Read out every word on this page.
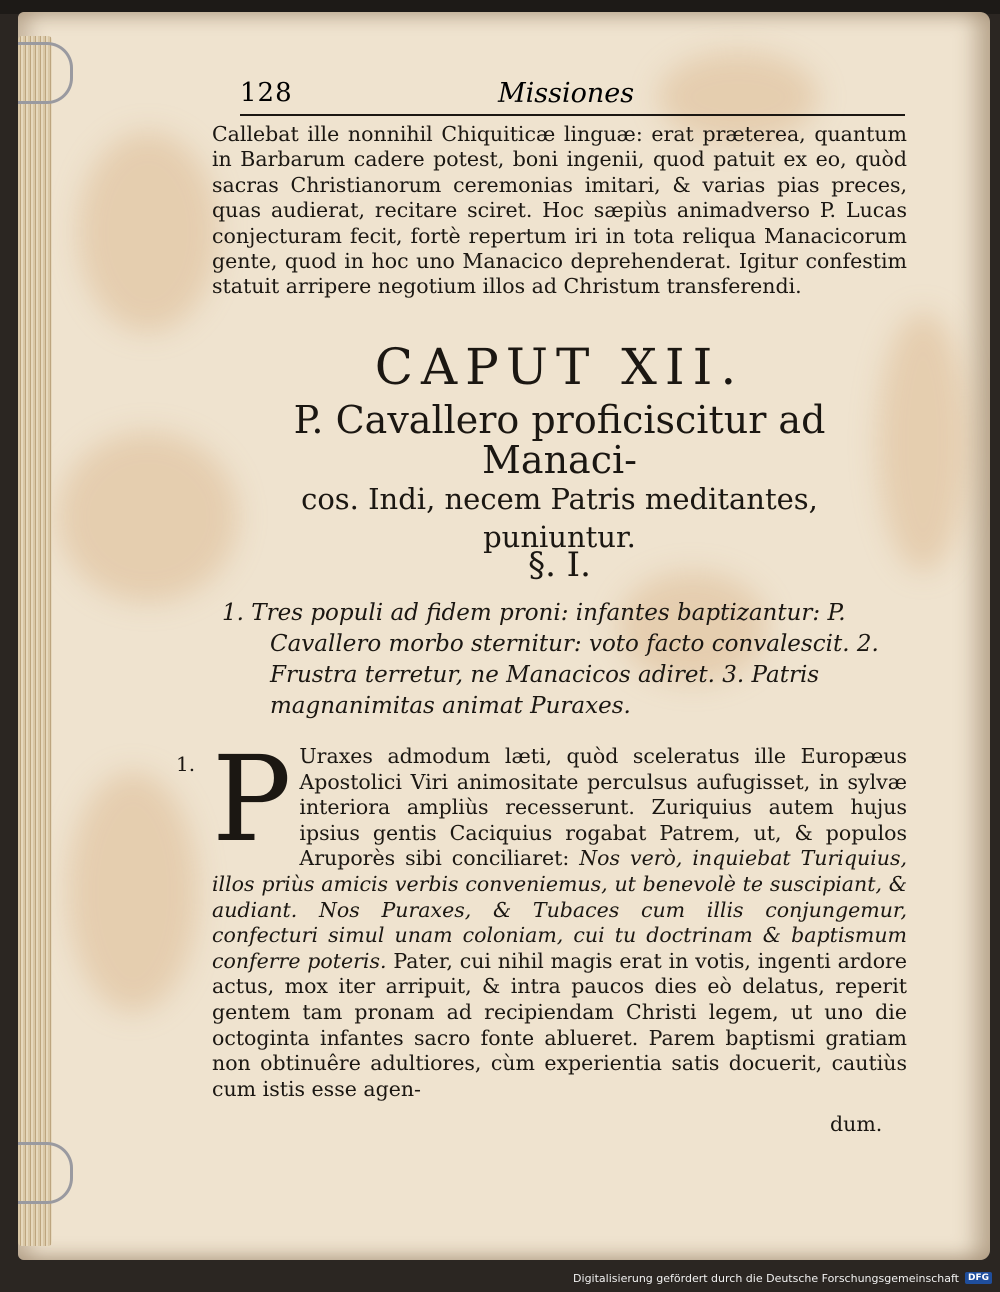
128	Missiones

Callebat ille nonnihil Chiquiticæ linguæ: erat præterea, quantum in Barbarum cadere potest, boni ingenii, quod patuit ex eo, quòd sacras Christianorum ceremonias imitari, & varias pias preces, quas audierat, recitare sciret. Hoc sæpiùs animadverso P. Lucas conjecturam fecit, fortè repertum iri in tota reliqua Manacicorum gente, quod in hoc uno Manacico deprehenderat. Igitur confestim statuit arripere negotium illos ad Christum transferendi.

CAPUT XII.
P. Cavallero proficiscitur ad Manaci-
cos. Indi, necem Patris meditantes,
puniuntur.
§. I.

1. Tres populi ad fidem proni: infantes baptizantur: P. Cavallero morbo sternitur: voto facto convalescit. 2. Frustra terretur, ne Manacicos adiret. 3. Patris magnanimitas animat Puraxes.

1. P Uraxes admodum læti, quòd sceleratus ille Europæus Apostolici Viri animositate perculsus aufugisset, in sylvæ interiora ampliùs recesserunt. Zuriquius autem hujus ipsius gentis Caciquius rogabat Patrem, ut, & populos Aruporès sibi conciliaret: Nos verò, inquiebat Turiquius, illos priùs amicis verbis conveniemus, ut benevolè te suscipiant, & audiant. Nos Puraxes, & Tubaces cum illis conjungemur, confecturi simul unam coloniam, cui tu doctrinam & baptismum conferre poteris. Pater, cui nihil magis erat in votis, ingenti ardore actus, mox iter arripuit, & intra paucos dies eò delatus, reperit gentem tam pronam ad recipiendam Christi legem, ut uno die octoginta infantes sacro fonte ablueret. Parem baptismi gratiam non obtinuêre adultiores, cùm experientia satis docuerit, cautiùs cum istis esse agen-

dum.
Digitalisierung gefördert durch die Deutsche Forschungsgemeinschaft	DFG
